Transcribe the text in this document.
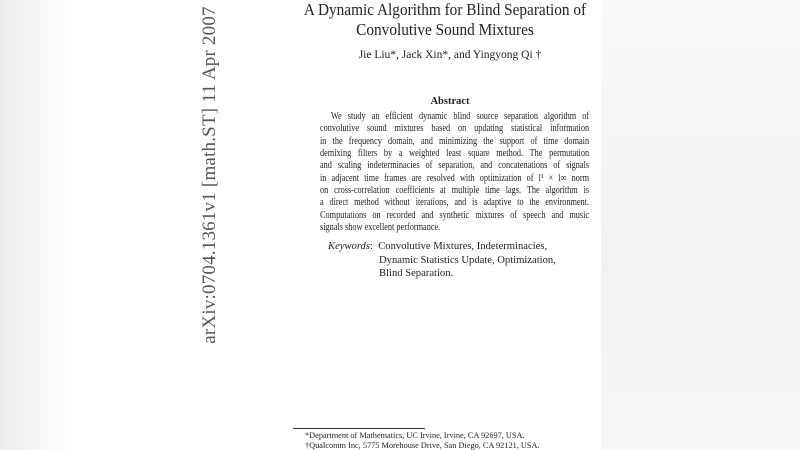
arXiv:0704.1361v1 [math.ST] 11 Apr 2007	A Dynamic Algorithm for Blind Separation of
Convolutive Sound Mixtures
Jie Liu*, Jack Xin*, and Yingyong Qi †
Abstract
We study an efficient dynamic blind source separation algorithm of
convolutive sound mixtures based on updating statistical information
in the frequency domain, and minimizing the support of time domain
demixing filters by a weighted least square method. The permutation
and scaling indeterminacies of separation, and concatenations of signals
in adjacent time frames are resolved with optimization of l¹ × l∞ norm
on cross-correlation coefficients at multiple time lags. The algorithm is
a direct method without iterations, and is adaptive to the environment.
Computations on recorded and synthetic mixtures of speech and music
signals show excellent performance.
Keywords:  Convolutive Mixtures, Indeterminacies,
Dynamic Statistics Update, Optimization,
Blind Separation.
*Department of Mathematics, UC Irvine, Irvine, CA 92697, USA.
†Qualcomm Inc, 5775 Morehouse Drive, San Diego, CA 92121, USA.
